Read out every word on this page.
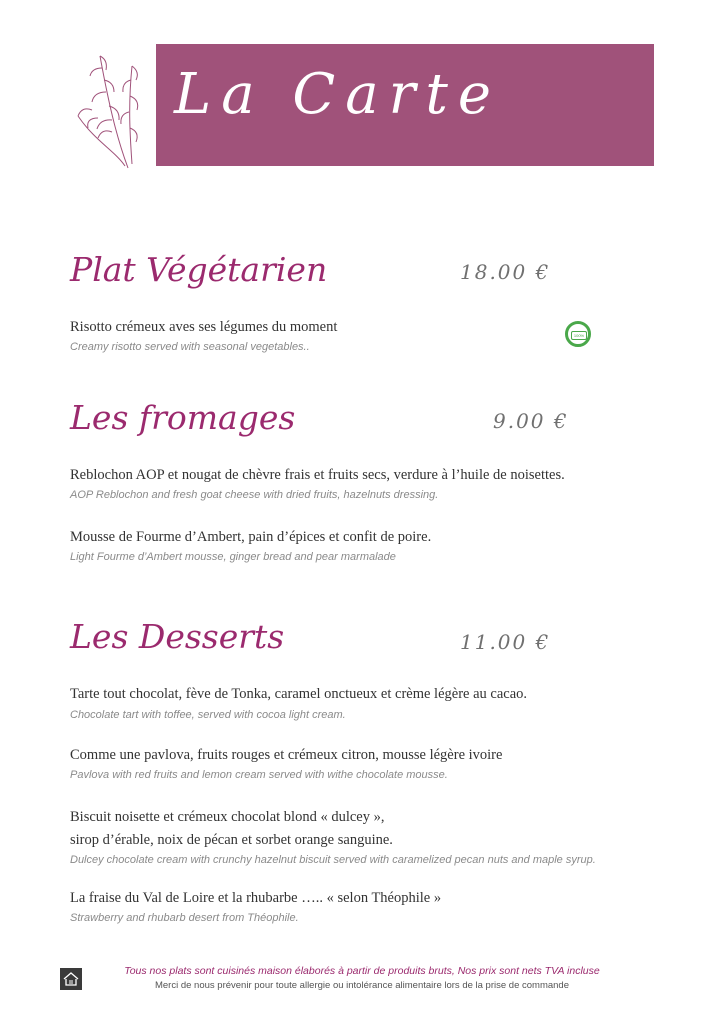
La Carte
Plat Végétarien	18.00 €
Risotto crémeux aves ses légumes du moment
Creamy risotto served with seasonal vegetables..
100%
Les fromages	9.00 €
Reblochon AOP et nougat de chèvre frais et fruits secs, verdure à l’huile de noisettes.
AOP Reblochon and fresh goat cheese with dried fruits, hazelnuts dressing.
Mousse de Fourme d’Ambert, pain d’épices et confit de poire.
Light Fourme d’Ambert mousse, ginger bread and pear marmalade
Les Desserts	11.00 €
Tarte tout chocolat, fève de Tonka, caramel onctueux et crème légère au cacao.
Chocolate tart with toffee, served with cocoa light cream.
Comme une pavlova, fruits rouges et crémeux citron, mousse légère ivoire
Pavlova with red fruits and lemon cream served with withe chocolate mousse.
Biscuit noisette et crémeux chocolat blond « dulcey »,
sirop d’érable, noix de pécan et sorbet orange sanguine.
Dulcey chocolate cream with crunchy hazelnut biscuit served with caramelized pecan nuts and maple syrup.
La fraise du Val de Loire et la rhubarbe ….. « selon Théophile »
Strawberry and rhubarb desert from Théophile.
Tous nos plats sont cuisinés maison élaborés à partir de produits bruts, Nos prix sont nets TVA incluse
Merci de nous prévenir pour toute allergie ou intolérance alimentaire lors de la prise de commande
